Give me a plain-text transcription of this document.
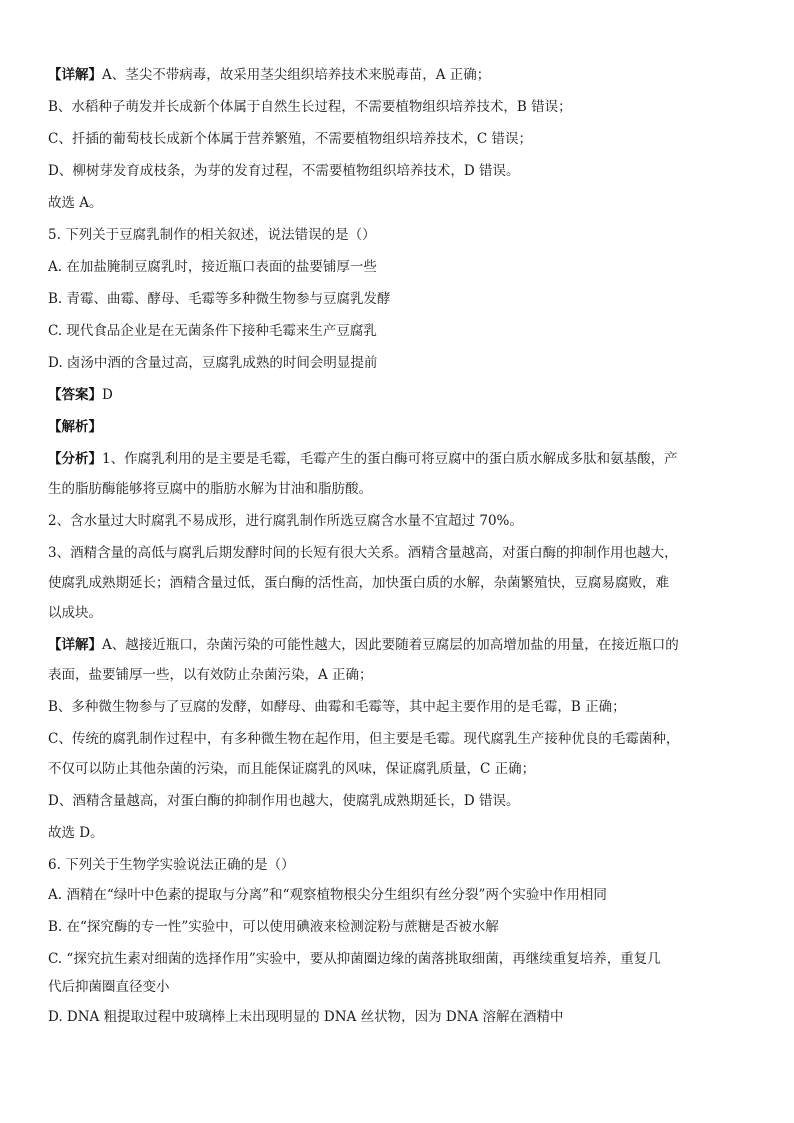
【详解】A、茎尖不带病毒，故采用茎尖组织培养技术来脱毒苗，A 正确；
B、水稻种子萌发并长成新个体属于自然生长过程，不需要植物组织培养技术，B 错误；
C、扦插的葡萄枝长成新个体属于营养繁殖，不需要植物组织培养技术，C 错误；
D、柳树芽发育成枝条，为芽的发育过程，不需要植物组织培养技术，D 错误。
故选 A。
5. 下列关于豆腐乳制作的相关叙述，说法错误的是（）
A. 在加盐腌制豆腐乳时，接近瓶口表面的盐要铺厚一些
B. 青霉、曲霉、酵母、毛霉等多种微生物参与豆腐乳发酵
C. 现代食品企业是在无菌条件下接种毛霉来生产豆腐乳
D. 卤汤中酒的含量过高，豆腐乳成熟的时间会明显提前
【答案】D
【解析】
【分析】1、作腐乳利用的是主要是毛霉，毛霉产生的蛋白酶可将豆腐中的蛋白质水解成多肽和氨基酸，产
生的脂肪酶能够将豆腐中的脂肪水解为甘油和脂肪酸。
2、含水量过大时腐乳不易成形，进行腐乳制作所选豆腐含水量不宜超过 70%。
3、酒精含量的高低与腐乳后期发酵时间的长短有很大关系。酒精含量越高，对蛋白酶的抑制作用也越大，
使腐乳成熟期延长；酒精含量过低，蛋白酶的活性高，加快蛋白质的水解，杂菌繁殖快，豆腐易腐败，难
以成块。
【详解】A、越接近瓶口，杂菌污染的可能性越大，因此要随着豆腐层的加高增加盐的用量，在接近瓶口的
表面，盐要铺厚一些，以有效防止杂菌污染，A 正确；
B、多种微生物参与了豆腐的发酵，如酵母、曲霉和毛霉等，其中起主要作用的是毛霉，B 正确；
C、传统的腐乳制作过程中，有多种微生物在起作用，但主要是毛霉。现代腐乳生产接种优良的毛霉菌种，
不仅可以防止其他杂菌的污染，而且能保证腐乳的风味，保证腐乳质量，C 正确；
D、酒精含量越高，对蛋白酶的抑制作用也越大，使腐乳成熟期延长，D 错误。
故选 D。
6. 下列关于生物学实验说法正确的是（）
A. 酒精在“绿叶中色素的提取与分离”和“观察植物根尖分生组织有丝分裂”两个实验中作用相同
B. 在“探究酶的专一性”实验中，可以使用碘液来检测淀粉与蔗糖是否被水解
C. “探究抗生素对细菌的选择作用”实验中，要从抑菌圈边缘的菌落挑取细菌，再继续重复培养，重复几
代后抑菌圈直径变小
D. DNA 粗提取过程中玻璃棒上未出现明显的 DNA 丝状物，因为 DNA 溶解在酒精中
